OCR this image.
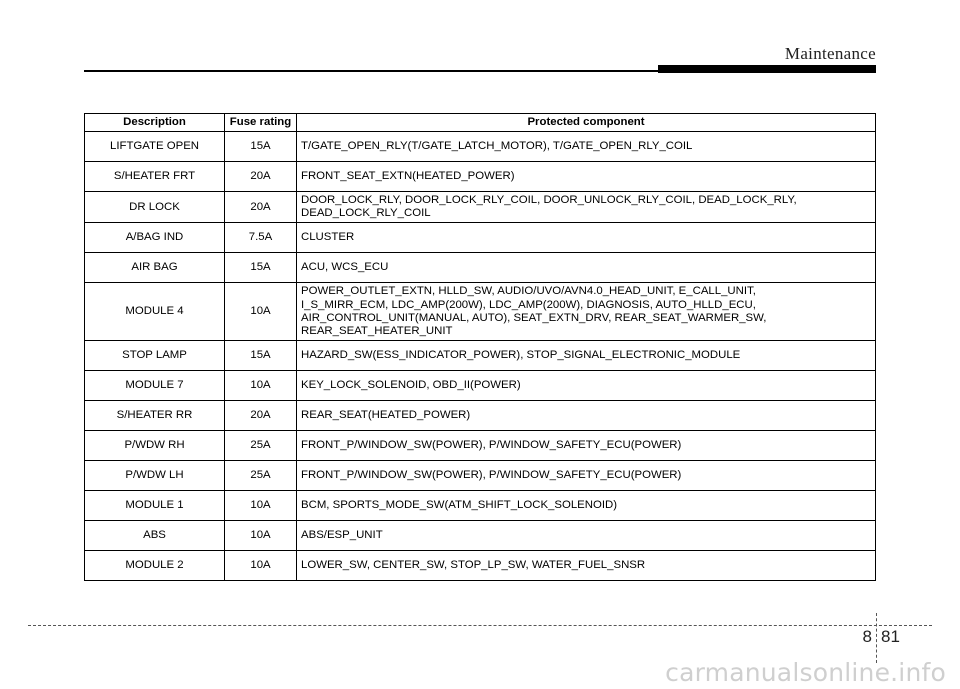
Maintenance
Description	Fuse rating	Protected component
LIFTGATE OPEN	15A	T/GATE_OPEN_RLY(T/GATE_LATCH_MOTOR), T/GATE_OPEN_RLY_COIL
S/HEATER FRT	20A	FRONT_SEAT_EXTN(HEATED_POWER)
DR LOCK	20A	DOOR_LOCK_RLY, DOOR_LOCK_RLY_COIL, DOOR_UNLOCK_RLY_COIL, DEAD_LOCK_RLY,
DEAD_LOCK_RLY_COIL
A/BAG IND	7.5A	CLUSTER
AIR BAG	15A	ACU, WCS_ECU
MODULE 4	10A	POWER_OUTLET_EXTN, HLLD_SW, AUDIO/UVO/AVN4.0_HEAD_UNIT, E_CALL_UNIT,
I_S_MIRR_ECM, LDC_AMP(200W), LDC_AMP(200W), DIAGNOSIS, AUTO_HLLD_ECU,
AIR_CONTROL_UNIT(MANUAL, AUTO), SEAT_EXTN_DRV, REAR_SEAT_WARMER_SW,
REAR_SEAT_HEATER_UNIT
STOP LAMP	15A	HAZARD_SW(ESS_INDICATOR_POWER), STOP_SIGNAL_ELECTRONIC_MODULE
MODULE 7	10A	KEY_LOCK_SOLENOID, OBD_II(POWER)
S/HEATER RR	20A	REAR_SEAT(HEATED_POWER)
P/WDW RH	25A	FRONT_P/WINDOW_SW(POWER), P/WINDOW_SAFETY_ECU(POWER)
P/WDW LH	25A	FRONT_P/WINDOW_SW(POWER), P/WINDOW_SAFETY_ECU(POWER)
MODULE 1	10A	BCM, SPORTS_MODE_SW(ATM_SHIFT_LOCK_SOLENOID)
ABS	10A	ABS/ESP_UNIT
MODULE 2	10A	LOWER_SW, CENTER_SW, STOP_LP_SW, WATER_FUEL_SNSR
8 81
carmanualsonline.info
